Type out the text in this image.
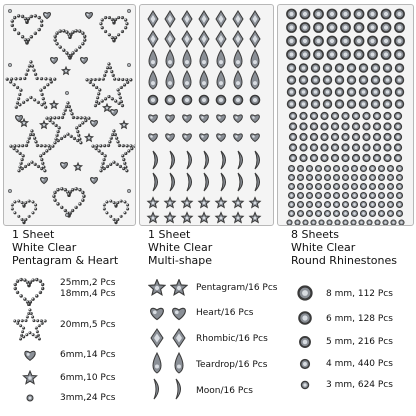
1 Sheet
White Clear
Pentagram & Heart
25mm,2 Pcs
18mm,4 Pcs
20mm,5 Pcs
6mm,14 Pcs
6mm,10 Pcs
3mm,24 Pcs
1 Sheet
White Clear
Multi-shape
Pentagram/16 Pcs
Heart/16 Pcs
Rhombic/16 Pcs
Teardrop/16 Pcs
Moon/16 Pcs
8 Sheets
White Clear
Round Rhinestones
8 mm, 112 Pcs
6 mm, 128 Pcs
5 mm, 216 Pcs
4 mm, 440 Pcs
3 mm, 624 Pcs
